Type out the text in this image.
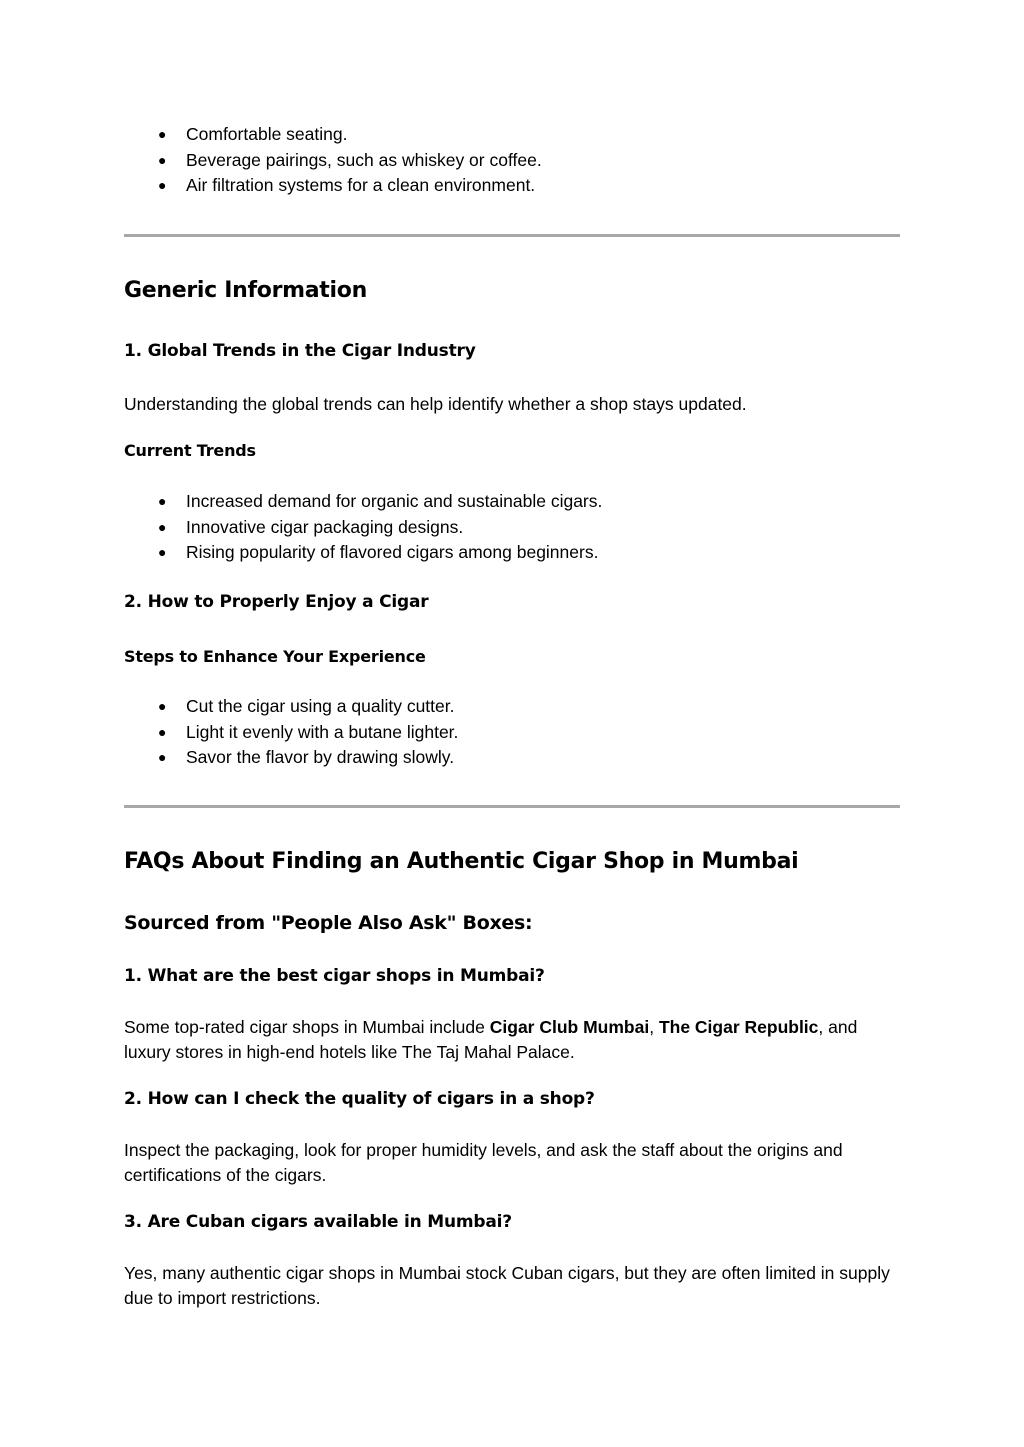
● Comfortable seating.
● Beverage pairings, such as whiskey or coffee.
● Air filtration systems for a clean environment.
Generic Information
1. Global Trends in the Cigar Industry

Understanding the global trends can help identify whether a shop stays updated.

Current Trends
● Increased demand for organic and sustainable cigars.
● Innovative cigar packaging designs.
● Rising popularity of flavored cigars among beginners.
2. How to Properly Enjoy a Cigar
Steps to Enhance Your Experience
● Cut the cigar using a quality cutter.
● Light it evenly with a butane lighter.
● Savor the flavor by drawing slowly.
FAQs About Finding an Authentic Cigar Shop in Mumbai
Sourced from "People Also Ask" Boxes:
1. What are the best cigar shops in Mumbai?

Some top-rated cigar shops in Mumbai include Cigar Club Mumbai, The Cigar Republic, and luxury stores in high-end hotels like The Taj Mahal Palace.

2. How can I check the quality of cigars in a shop?

Inspect the packaging, look for proper humidity levels, and ask the staff about the origins and certifications of the cigars.

3. Are Cuban cigars available in Mumbai?

Yes, many authentic cigar shops in Mumbai stock Cuban cigars, but they are often limited in supply due to import restrictions.
